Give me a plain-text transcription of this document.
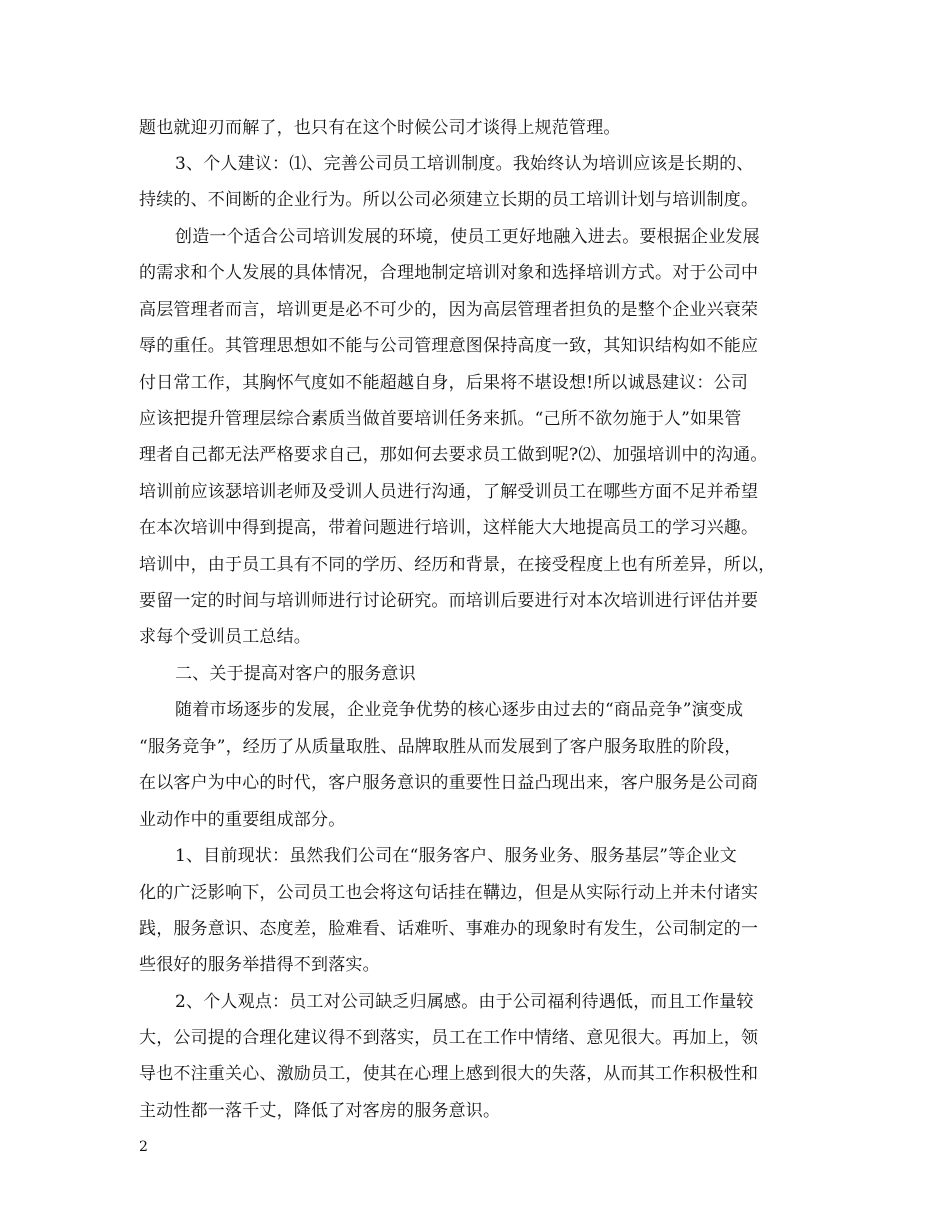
题也就迎刃而解了，也只有在这个时候公司才谈得上规范管理。
3、个人建议：⑴、完善公司员工培训制度。我始终认为培训应该是长期的、
持续的、不间断的企业行为。所以公司必须建立长期的员工培训计划与培训制度。
创造一个适合公司培训发展的环境，使员工更好地融入进去。要根据企业发展
的需求和个人发展的具体情况，合理地制定培训对象和选择培训方式。对于公司中
高层管理者而言，培训更是必不可少的，因为高层管理者担负的是整个企业兴衰荣
辱的重任。其管理思想如不能与公司管理意图保持高度一致，其知识结构如不能应
付日常工作，其胸怀气度如不能超越自身，后果将不堪设想!所以诚恳建议：公司
应该把提升管理层综合素质当做首要培训任务来抓。“己所不欲勿施于人”如果管
理者自己都无法严格要求自己，那如何去要求员工做到呢?⑵、加强培训中的沟通。
培训前应该瑟培训老师及受训人员进行沟通，了解受训员工在哪些方面不足并希望
在本次培训中得到提高，带着问题进行培训，这样能大大地提高员工的学习兴趣。
培训中，由于员工具有不同的学历、经历和背景，在接受程度上也有所差异，所以，
要留一定的时间与培训师进行讨论研究。而培训后要进行对本次培训进行评估并要
求每个受训员工总结。
二、关于提高对客户的服务意识
随着市场逐步的发展，企业竞争优势的核心逐步由过去的“商品竞争”演变成
“服务竞争”，经历了从质量取胜、品牌取胜从而发展到了客户服务取胜的阶段，
在以客户为中心的时代，客户服务意识的重要性日益凸现出来，客户服务是公司商
业动作中的重要组成部分。
1、目前现状：虽然我们公司在“服务客户、服务业务、服务基层”等企业文
化的广泛影响下，公司员工也会将这句话挂在鞲边，但是从实际行动上并未付诸实
践，服务意识、态度差，脸难看、话难听、事难办的现象时有发生，公司制定的一
些很好的服务举措得不到落实。
2、个人观点：员工对公司缺乏归属感。由于公司福利待遇低，而且工作量较
大，公司提的合理化建议得不到落实，员工在工作中情绪、意见很大。再加上，领
导也不注重关心、激励员工，使其在心理上感到很大的失落，从而其工作积极性和
主动性都一落千丈，降低了对客房的服务意识。
2
